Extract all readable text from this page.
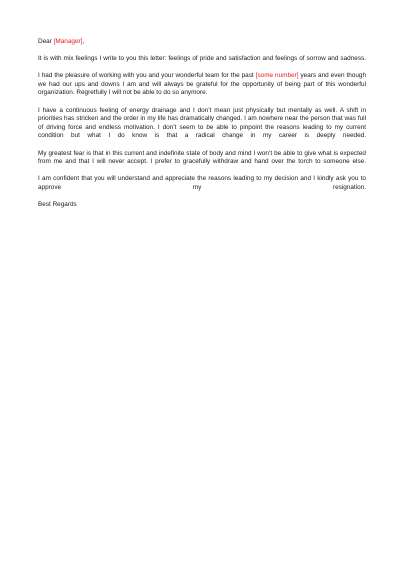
Dear [Manager],

It is with mix feelings I write to you this letter: feelings of pride and satisfaction and feelings of sorrow and sadness.

I had the pleasure of working with you and your wonderful team for the past [some number] years and even though we had our ups and downs I am and will always be grateful for the opportunity of being part of this wonderful organization. Regretfully I will not be able to do so anymore.

I have a continuous feeling of energy drainage and I don’t mean just physically but mentally as well. A shift in priorities has stricken and the order in my life has dramatically changed. I am nowhere near the person that was full of driving force and endless motivation. I don’t seem to be able to pinpoint the reasons leading to my current condition but what I do know is that a radical change in my career is deeply needed.

My greatest fear is that in this current and indefinite state of body and mind I won’t be able to give what is expected from me and that I will never accept. I prefer to gracefully withdraw and hand over the torch to someone else.

I am confident that you will understand and appreciate the reasons leading to my decision and I kindly ask you to approve my resignation.

Best Regards
